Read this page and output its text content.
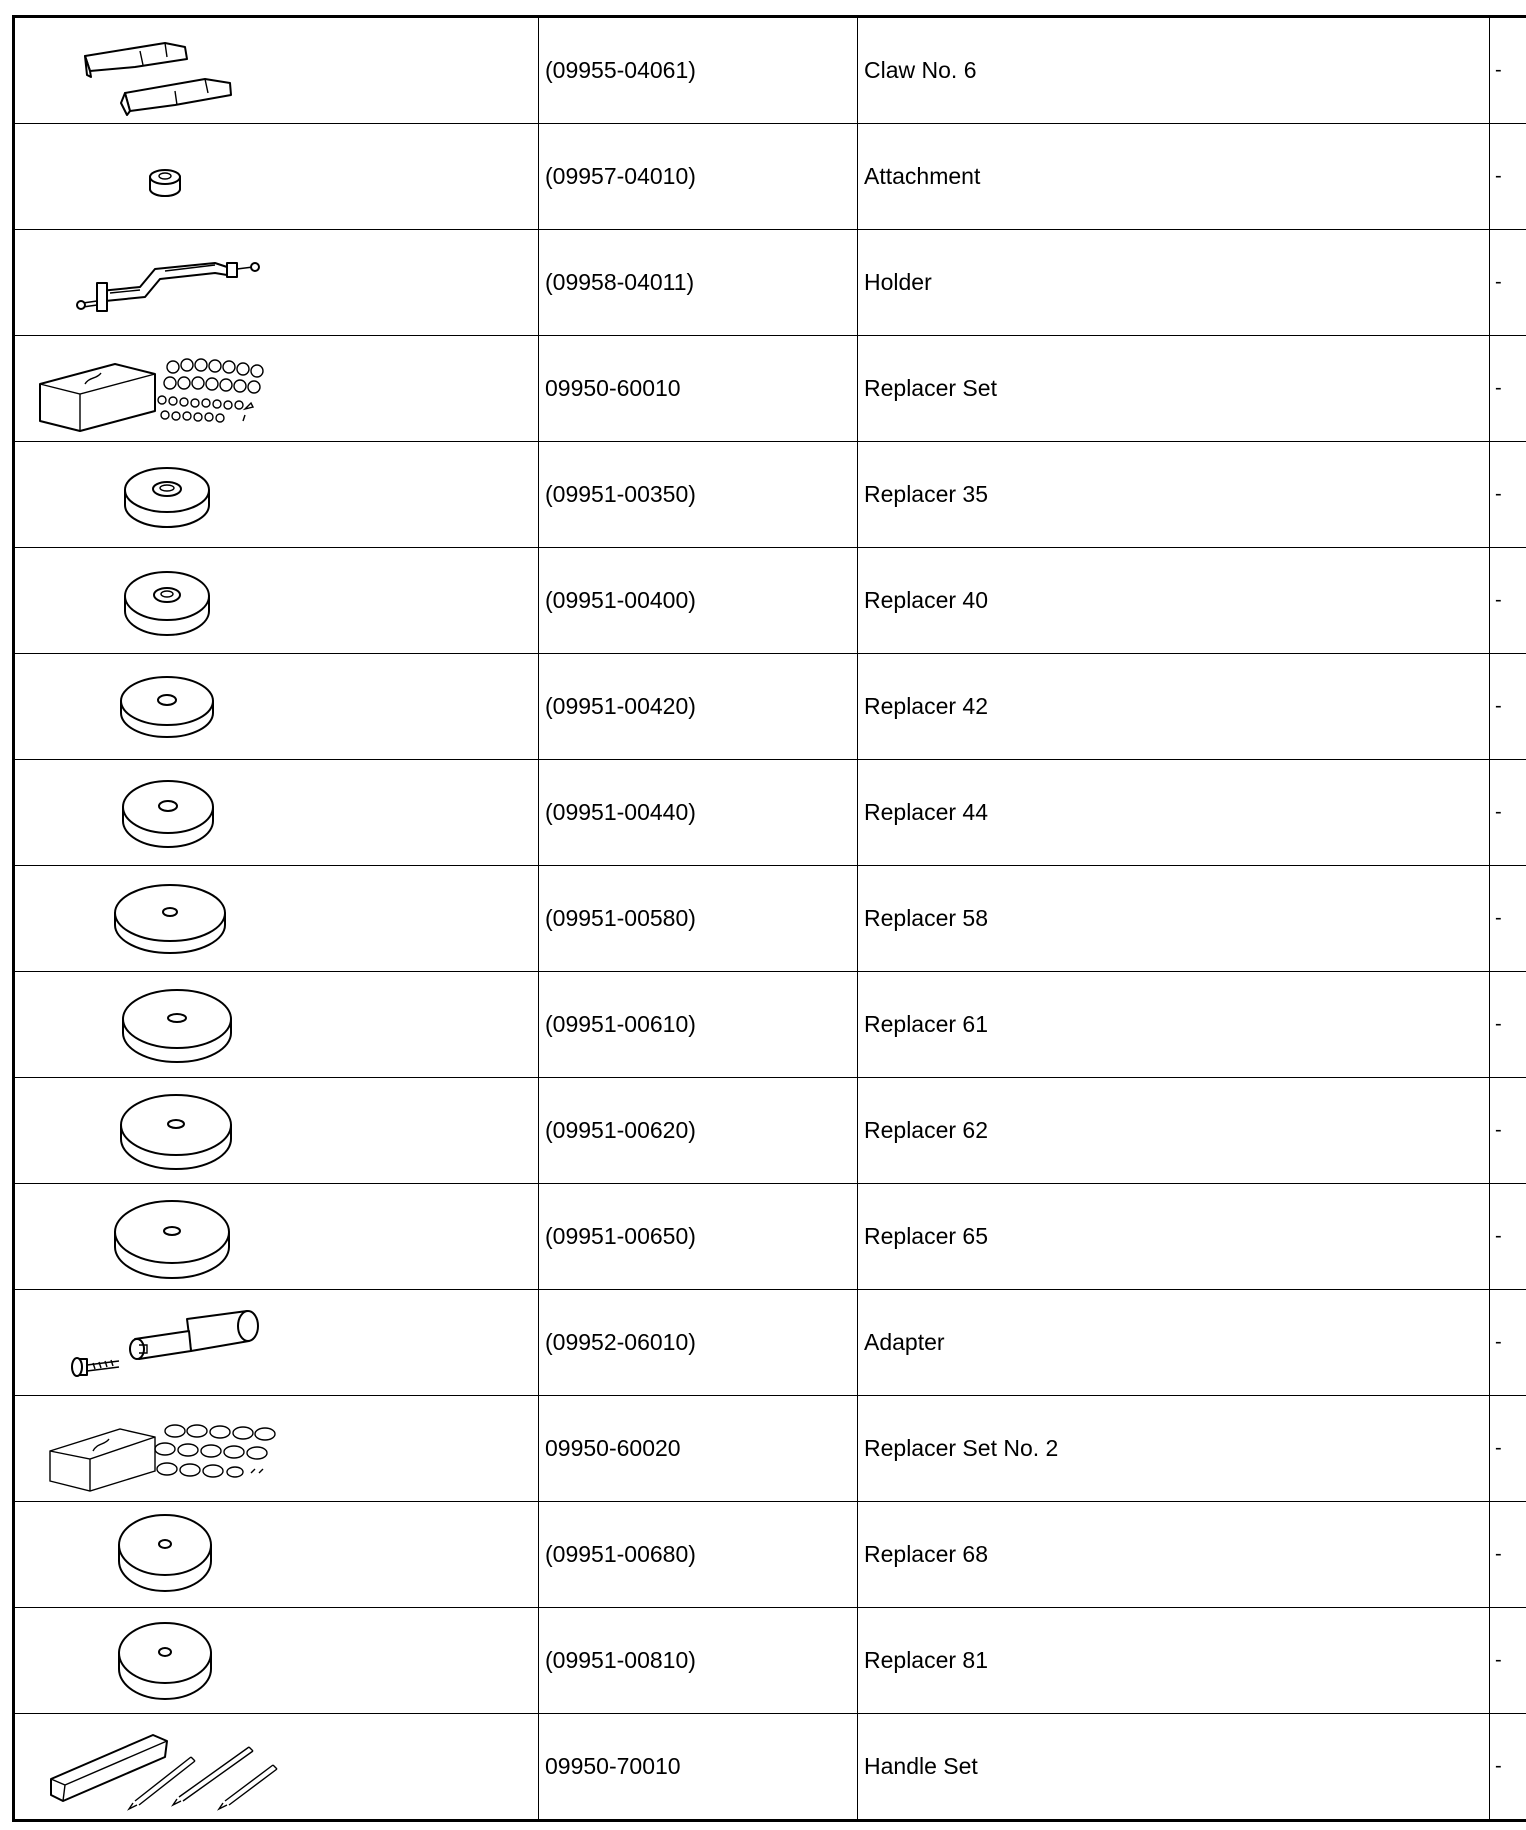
	(09955-04061)	Claw No. 6	-

	(09957-04010)	Attachment	-

	(09958-04011)	Holder	-

	09950-60010	Replacer Set	-

	(09951-00350)	Replacer 35	-

	(09951-00400)	Replacer 40	-

	(09951-00420)	Replacer 42	-

	(09951-00440)	Replacer 44	-

	(09951-00580)	Replacer 58	-

	(09951-00610)	Replacer 61	-

	(09951-00620)	Replacer 62	-

	(09951-00650)	Replacer 65	-

	(09952-06010)	Adapter	-

	09950-60020	Replacer Set No. 2	-

	(09951-00680)	Replacer 68	-

	(09951-00810)	Replacer 81	-

	09950-70010	Handle Set	-
